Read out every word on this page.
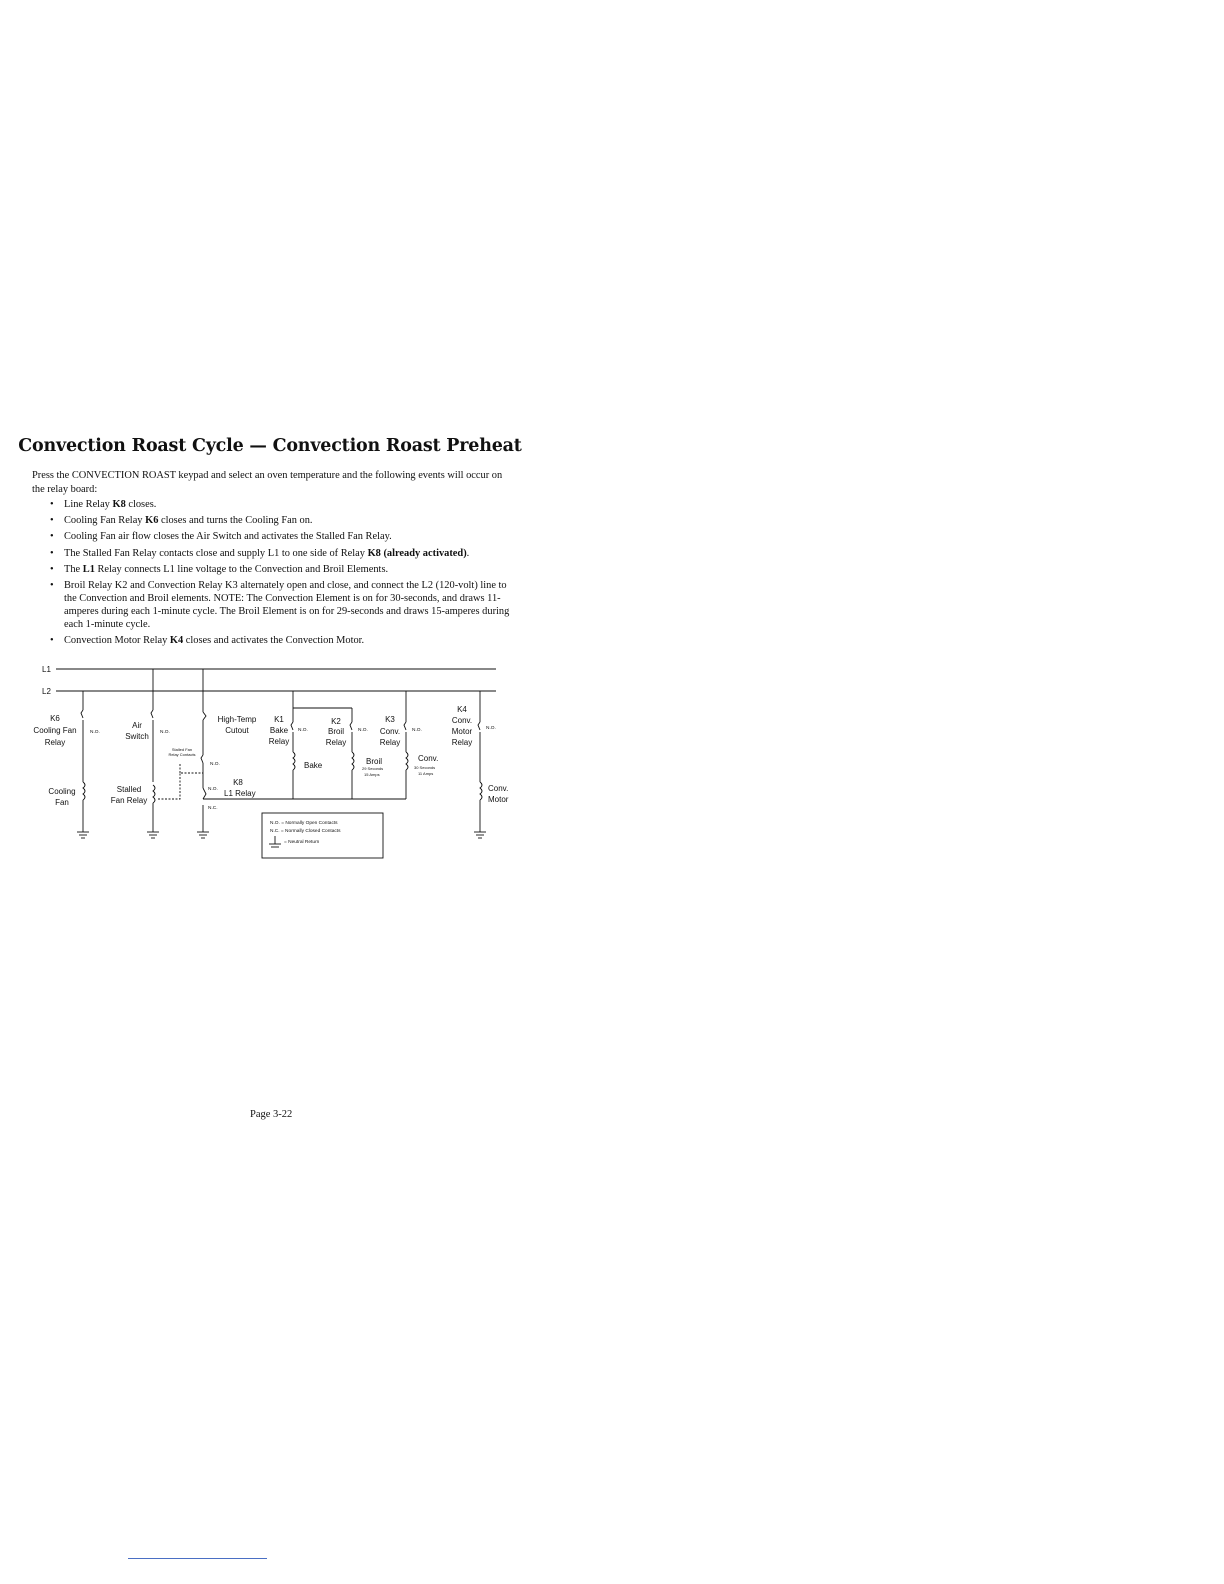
Convection Roast Cycle — Convection Roast Preheat
Press the CONVECTION ROAST keypad and select an oven temperature and the following events will occur on the relay board:
• Line Relay K8 closes.
• Cooling Fan Relay K6 closes and turns the Cooling Fan on.
• Cooling Fan air flow closes the Air Switch and activates the Stalled Fan Relay.
• The Stalled Fan Relay contacts close and supply L1 to one side of Relay K8 (already activated).
• The L1 Relay connects L1 line voltage to the Convection and Broil Elements.
• Broil Relay K2 and Convection Relay K3 alternately open and close, and connect the L2 (120-volt) line to the Convection and Broil elements. NOTE: The Convection Element is on for 30-seconds, and draws 11-amperes during each 1-minute cycle. The Broil Element is on for 29-seconds and draws 15-amperes during each 1-minute cycle.
• Convection Motor Relay K4 closes and activates the Convection Motor.
L1
L2
K6
Cooling Fan
Relay
N.O.
Cooling
Fan
Air
Switch N.O.
Stalled Fan
Relay Contacts
N.O.
Stalled
Fan Relay
High-Temp
Cutout
K8
L1 Relay
N.O.
N.C.
K1
Bake
Relay
N.O.
Bake
K2
Broil
Relay
N.O.
Broil
29 Seconds
15 Amps
K3
Conv.
Relay
N.O.
Conv.
30 Seconds
11 Amps
K4
Conv.
Motor
Relay
N.O.
Conv.
Motor
N.O. = Normally Open Contacts
N.C. = Normally Closed Contacts
= Neutral Return
Page 3-22
